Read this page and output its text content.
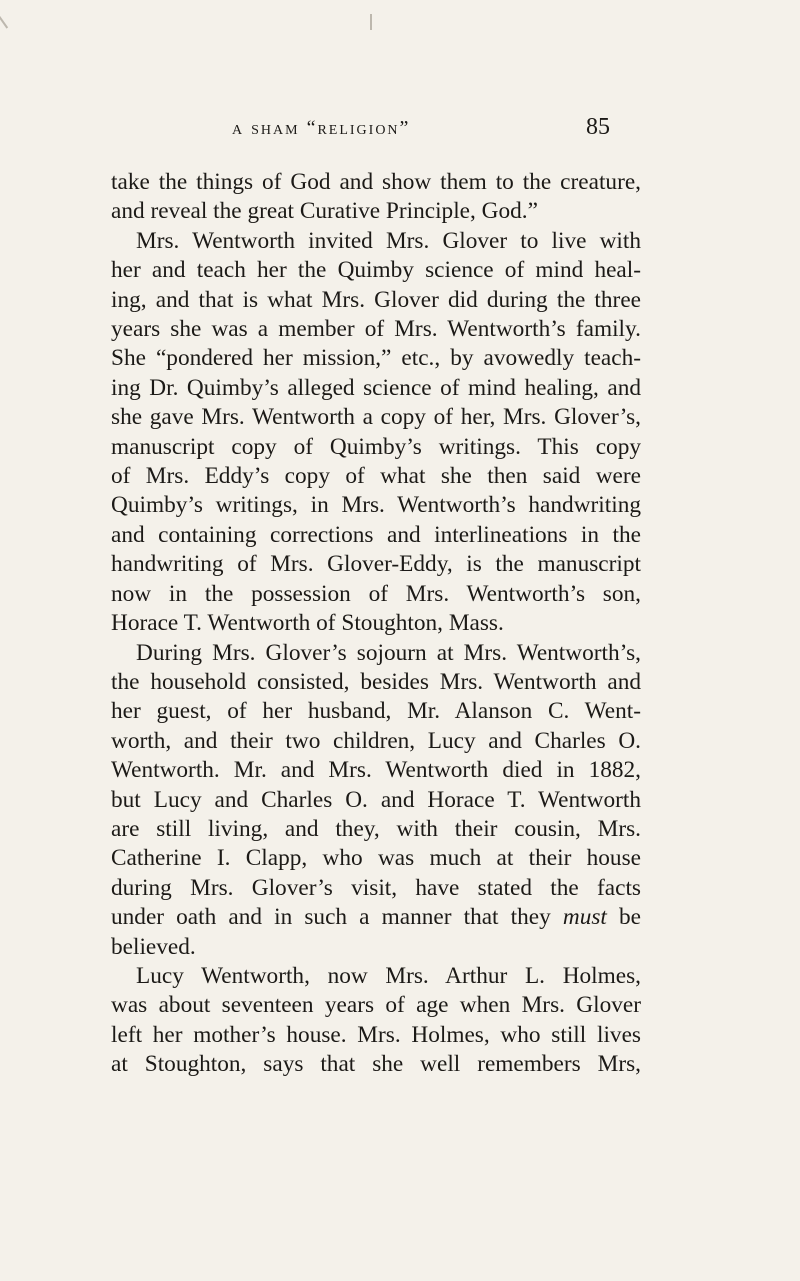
a sham “religion”	85
take the things of God and show them to the creature,
and reveal the great Curative Principle, God.”
Mrs. Wentworth invited Mrs. Glover to live with
her and teach her the Quimby science of mind heal-
ing, and that is what Mrs. Glover did during the three
years she was a member of Mrs. Wentworth’s family.
She “pondered her mission,” etc., by avowedly teach-
ing Dr. Quimby’s alleged science of mind healing, and
she gave Mrs. Wentworth a copy of her, Mrs. Glover’s,
manuscript copy of Quimby’s writings. This copy
of Mrs. Eddy’s copy of what she then said were
Quimby’s writings, in Mrs. Wentworth’s handwriting
and containing corrections and interlineations in the
handwriting of Mrs. Glover-Eddy, is the manuscript
now in the possession of Mrs. Wentworth’s son,
Horace T. Wentworth of Stoughton, Mass.
During Mrs. Glover’s sojourn at Mrs. Wentworth’s,
the household consisted, besides Mrs. Wentworth and
her guest, of her husband, Mr. Alanson C. Went-
worth, and their two children, Lucy and Charles O.
Wentworth. Mr. and Mrs. Wentworth died in 1882,
but Lucy and Charles O. and Horace T. Wentworth
are still living, and they, with their cousin, Mrs.
Catherine I. Clapp, who was much at their house
during Mrs. Glover’s visit, have stated the facts
under oath and in such a manner that they must be
believed.
Lucy Wentworth, now Mrs. Arthur L. Holmes,
was about seventeen years of age when Mrs. Glover
left her mother’s house. Mrs. Holmes, who still lives
at Stoughton, says that she well remembers Mrs,
